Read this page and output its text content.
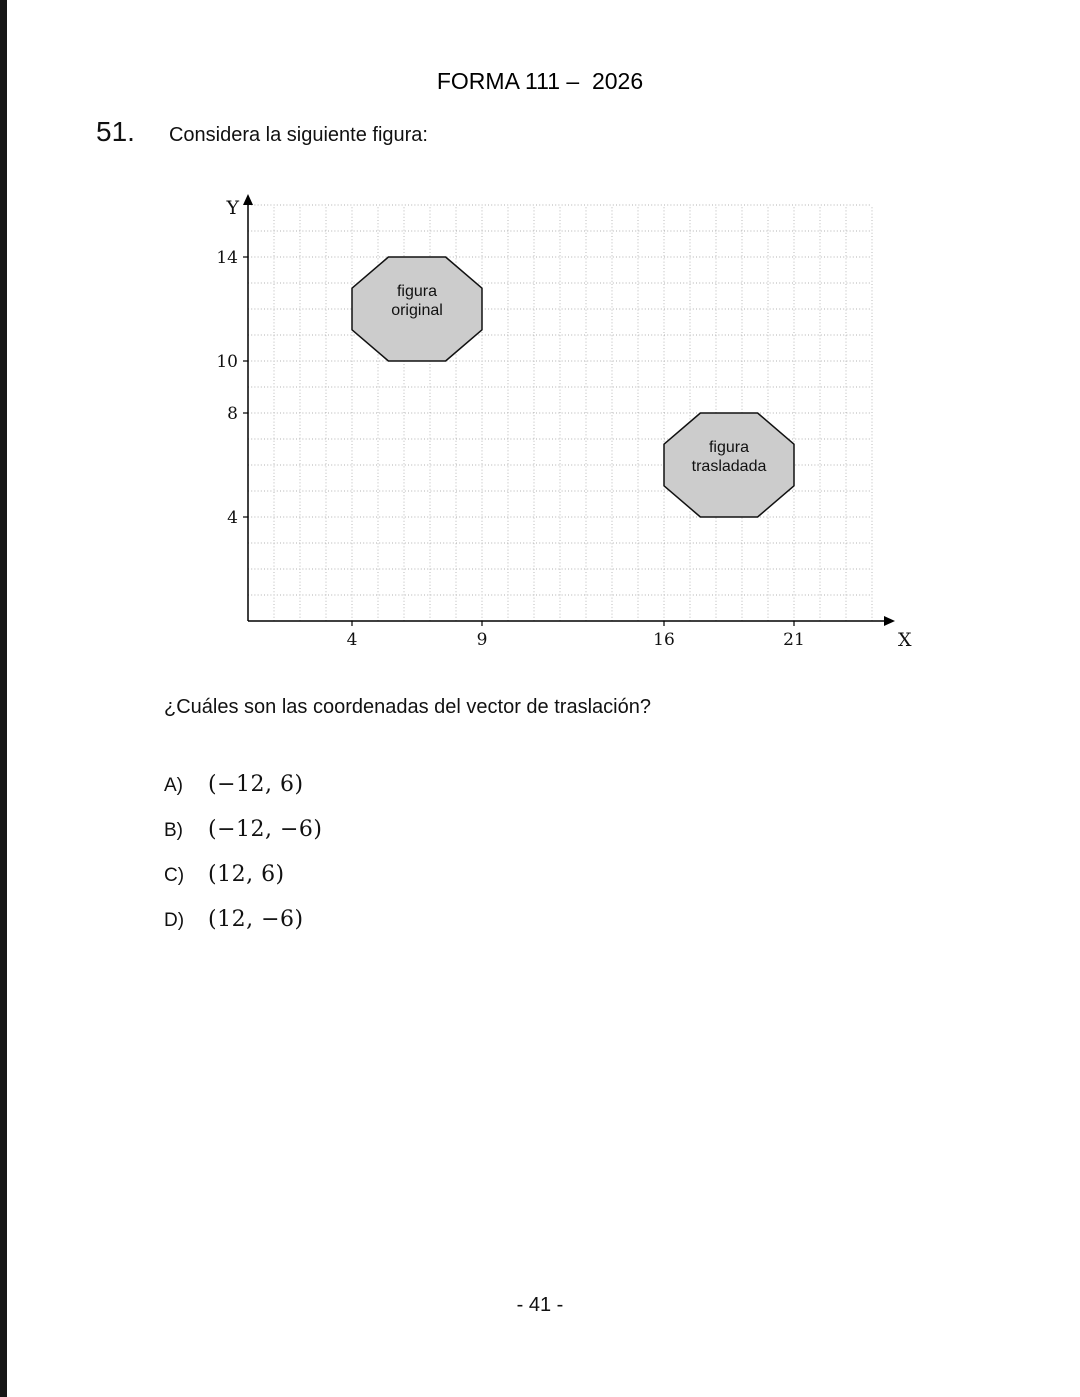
FORMA 111 –  2026
51. Considera la siguiente figura:
4	9	16	21
4
8
10
14
Y
X
figura
original
figura
trasladada
¿Cuáles son las coordenadas del vector de traslación?
A)	(−12, 6)
B)	(−12, −6)
C)	(12, 6)
D)	(12, −6)
- 41 -
